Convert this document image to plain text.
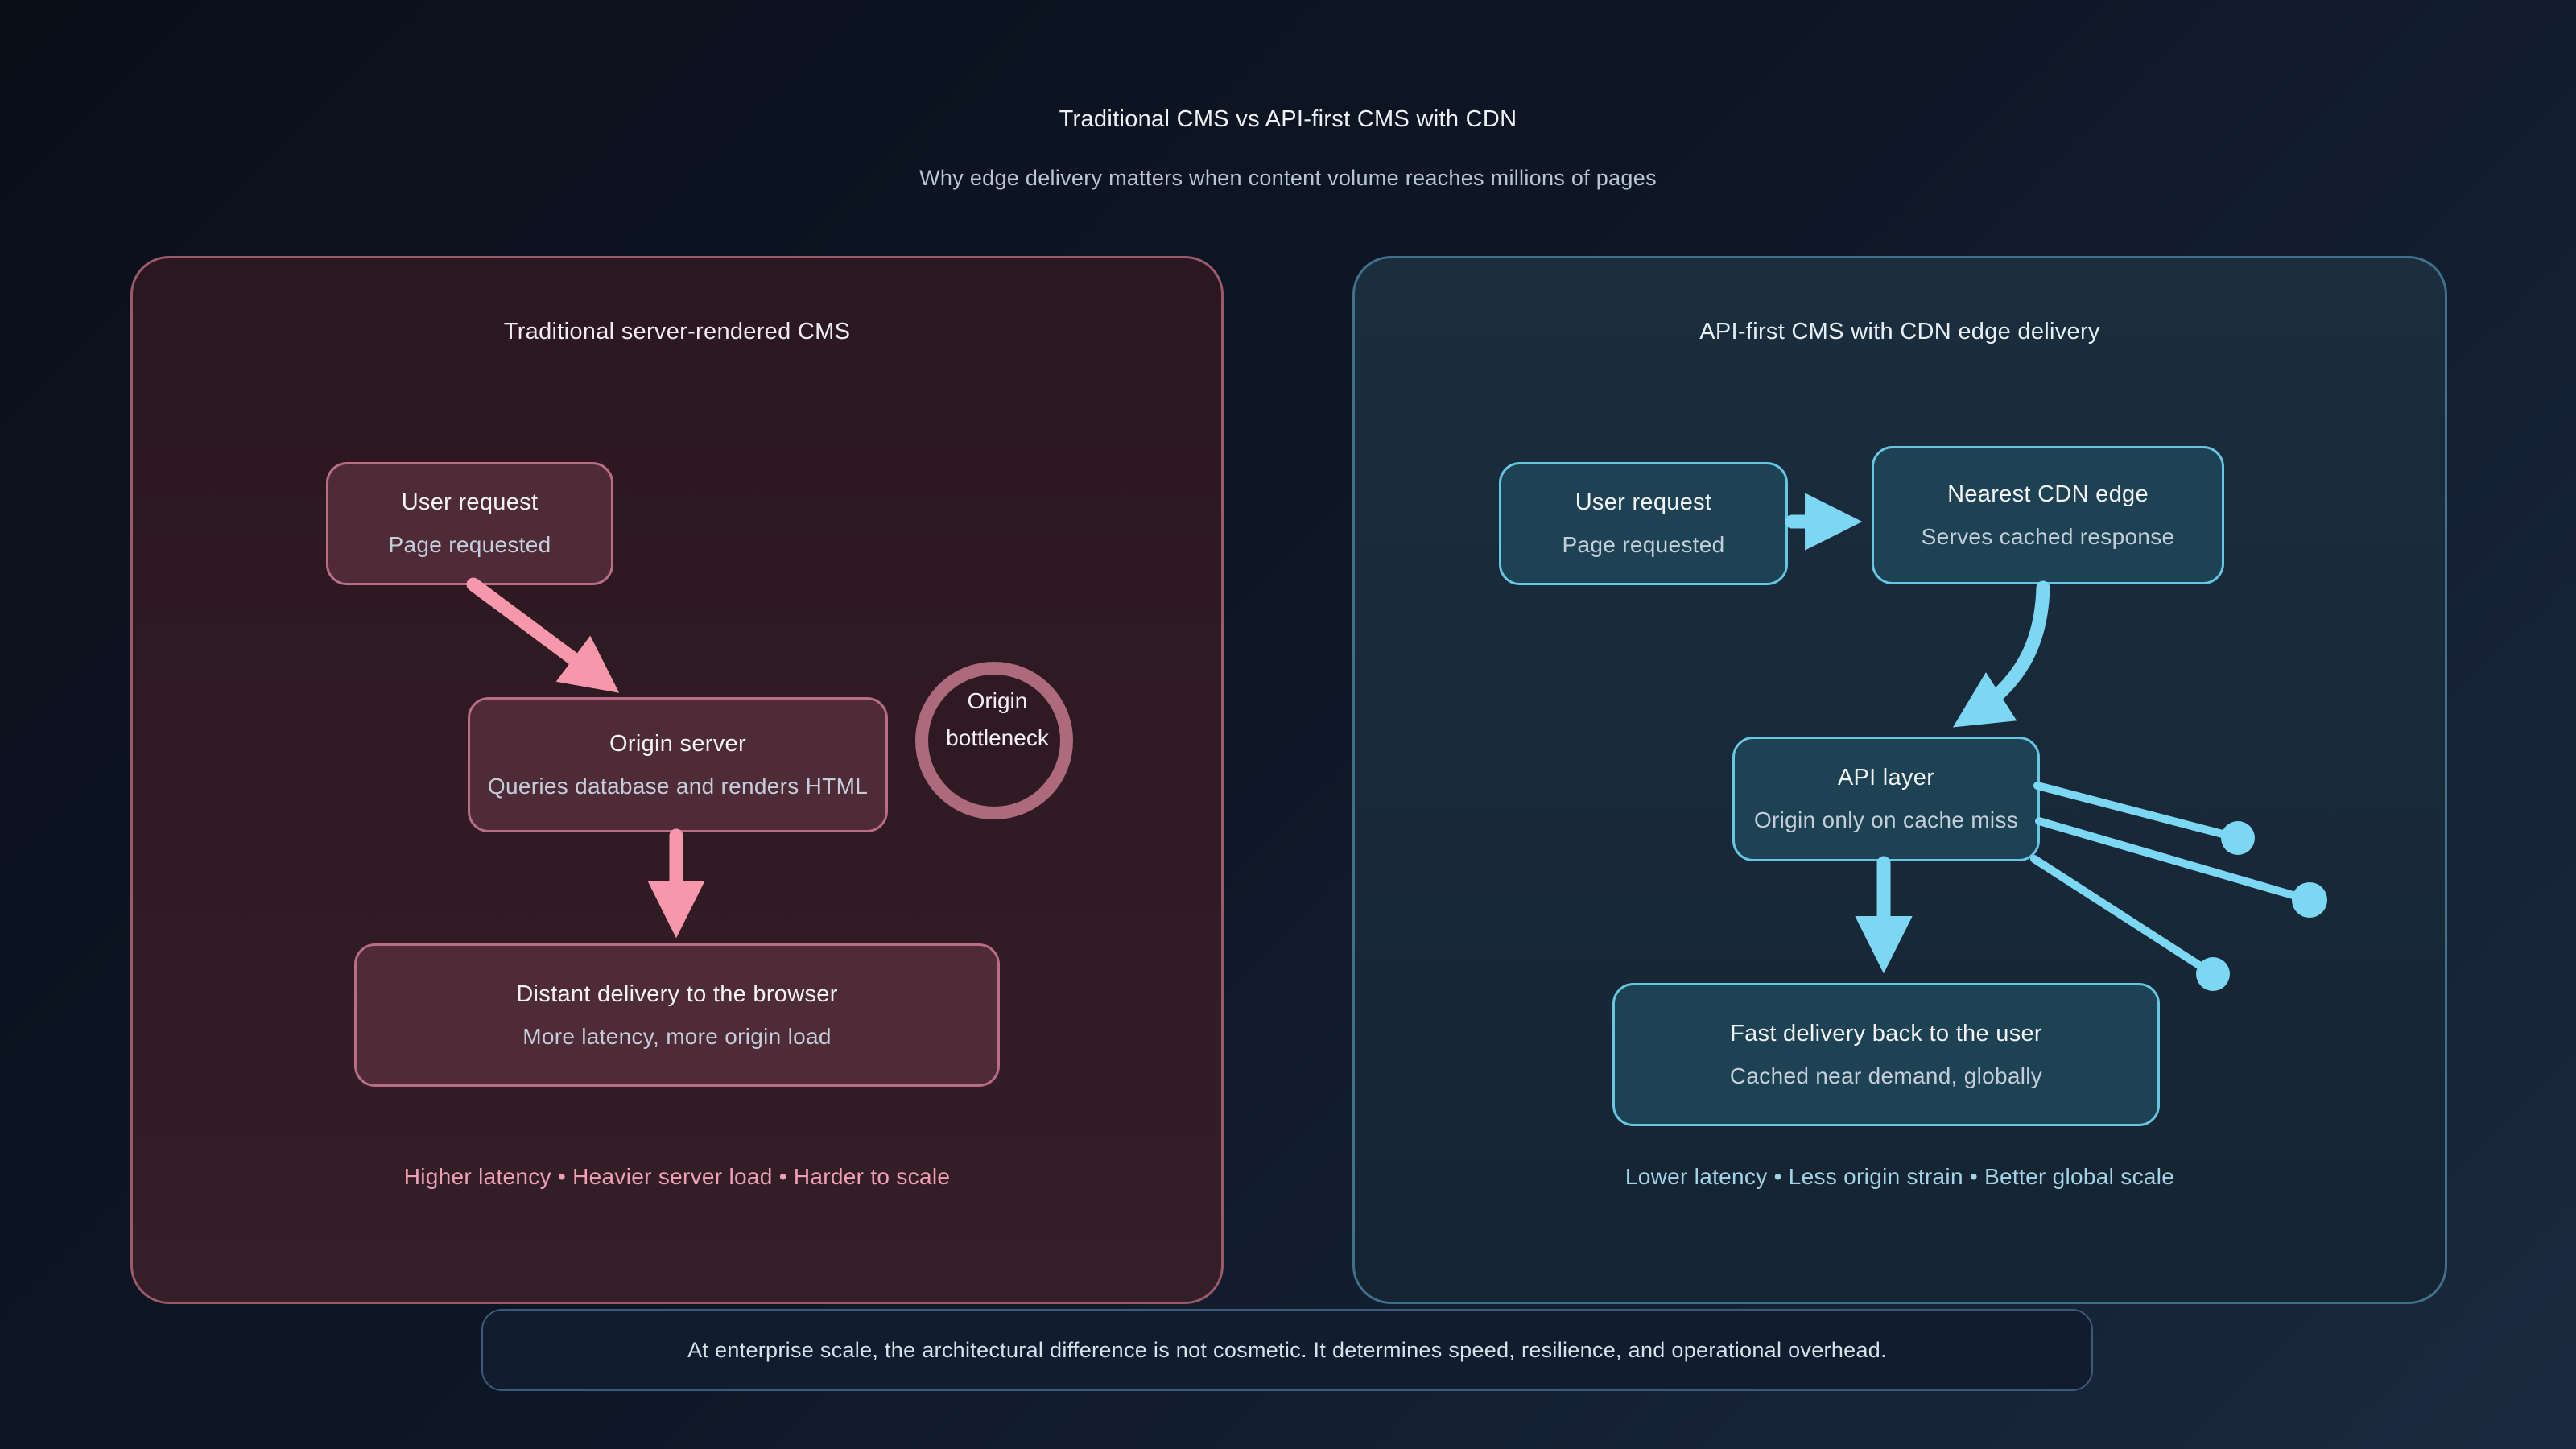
Traditional CMS vs API-first CMS with CDN
Why edge delivery matters when content volume reaches millions of pages
Traditional server-rendered CMS
User request
Page requested
Origin server
Queries database and renders HTML
Distant delivery to the browser
More latency, more origin load
Higher latency • Heavier server load • Harder to scale
API-first CMS with CDN edge delivery
User request
Page requested
Nearest CDN edge
Serves cached response
API layer
Origin only on cache miss
Fast delivery back to the user
Cached near demand, globally
Lower latency • Less origin strain • Better global scale
Origin
bottleneck
At enterprise scale, the architectural difference is not cosmetic. It determines speed, resilience, and operational overhead.
